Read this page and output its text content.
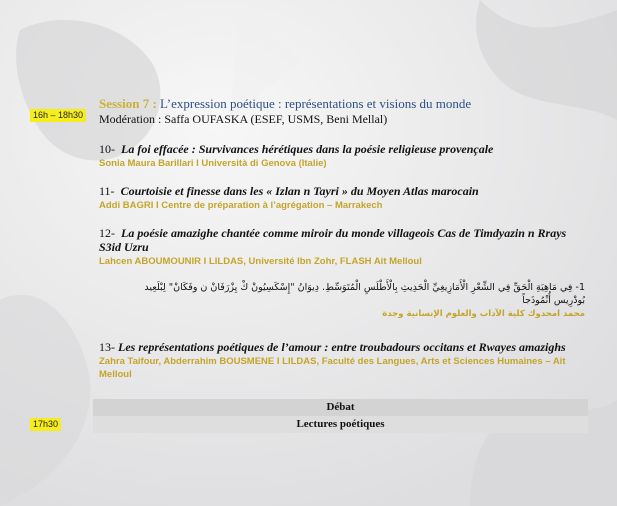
16h – 18h30
17h30
Session 7 : L’expression poétique : représentations et visions du monde
Modération : Saffa OUFASKA (ESEF, USMS, Beni Mellal)
10- La foi effacée : Survivances hérétiques dans la poésie religieuse provençale
Sonia Maura Barillari I Università di Genova (Italie)
11- Courtoisie et finesse dans les « Izlan n Tayri » du Moyen Atlas marocain
Addi BAGRI I Centre de préparation à l’agrégation – Marrakech
12- La poésie amazighe chantée comme miroir du monde villageois Cas de Timdyazin n Rrays S3id Uzru
Lahcen ABOUMOUNIR I LILDAS, Université Ibn Zohr, FLASH Ait Melloul
13- Les représentations poétiques de l’amour : entre troubadours occitans et Rwayes amazighs
Zahra Taifour, Abderrahim BOUSMENE I LILDAS, Faculté des Langues, Arts et Sciences Humaines – Ait Melloul
1- فِي مَاهِيَةِ الْحَقِّ فِي الشِّعْرِ الْأَمَازِيغِيِّ الْحَدِيثِ بِالْأَطْلَسِ الْمُتَوَسِّطِ. دِيوَانُ "إِسْكَسِيُونْ كْ يِزْرَفَانْ ن وفَكَانْ" لِبْلَعِيد بُودْرِيس أُنْمُوذَجاً
محمد امحدوك كلية الآداب والعلوم الإنسانية وجدة
Débat
Lectures poétiques
